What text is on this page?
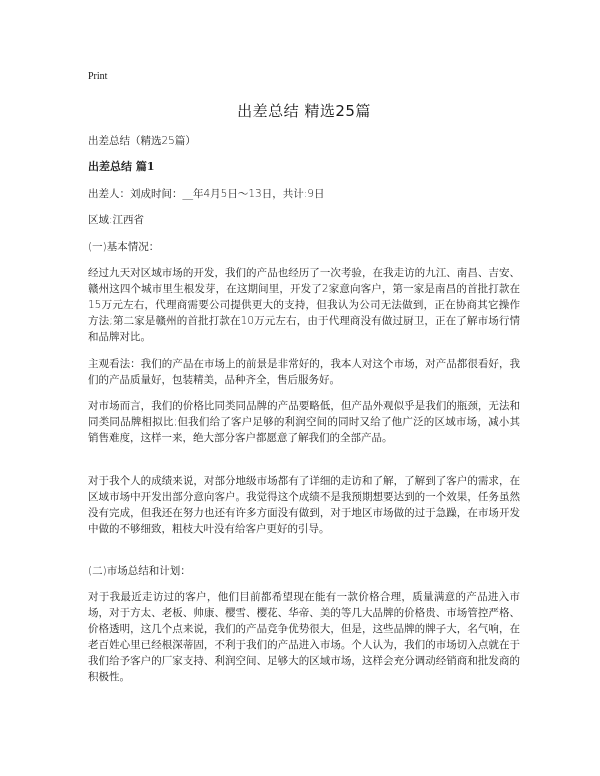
Print
出差总结 精选25篇
出差总结（精选25篇）
出差总结 篇1
出差人：刘成时间：__年4月5日～13日，共计:9日
区域:江西省
(一)基本情况：
经过九天对区域市场的开发，我们的产品也经历了一次考验，在我走访的九江、南昌、吉安、赣州这四个城市里生根发芽，在这期间里，开发了2家意向客户，第一家是南昌的首批打款在15万元左右，代理商需要公司提供更大的支持，但我认为公司无法做到，正在协商其它操作方法;第二家是赣州的首批打款在10万元左右，由于代理商没有做过厨卫，正在了解市场行情和品牌对比。
主观看法：我们的产品在市场上的前景是非常好的，我本人对这个市场，对产品都很看好，我们的产品质量好，包装精美，品种齐全，售后服务好。
对市场而言，我们的价格比同类同品牌的产品要略低，但产品外观似乎是我们的瓶颈，无法和同类同品牌相拟比;但我们给了客户足够的利润空间的同时又给了他广泛的区域市场，减小其销售难度，这样一来，绝大部分客户都愿意了解我们的全部产品。
对于我个人的成绩来说，对部分地级市场都有了详细的走访和了解，了解到了客户的需求，在区域市场中开发出部分意向客户。我觉得这个成绩不是我预期想要达到的一个效果，任务虽然没有完成，但我还在努力也还有许多方面没有做到，对于地区市场做的过于急躁，在市场开发中做的不够细致，粗枝大叶没有给客户更好的引导。
(二)市场总结和计划：
对于我最近走访过的客户，他们目前都希望现在能有一款价格合理，质量满意的产品进入市场，对于方太、老板、帅康、樱雪、樱花、华帝、美的等几大品牌的价格贵、市场管控严格、价格透明，这几个点来说，我们的产品竞争优势很大，但是，这些品牌的牌子大，名气响，在老百姓心里已经根深蒂固，不利于我们的产品进入市场。个人认为，我们的市场切入点就在于我们给予客户的厂家支持、利润空间、足够大的区域市场，这样会充分调动经销商和批发商的积极性。
